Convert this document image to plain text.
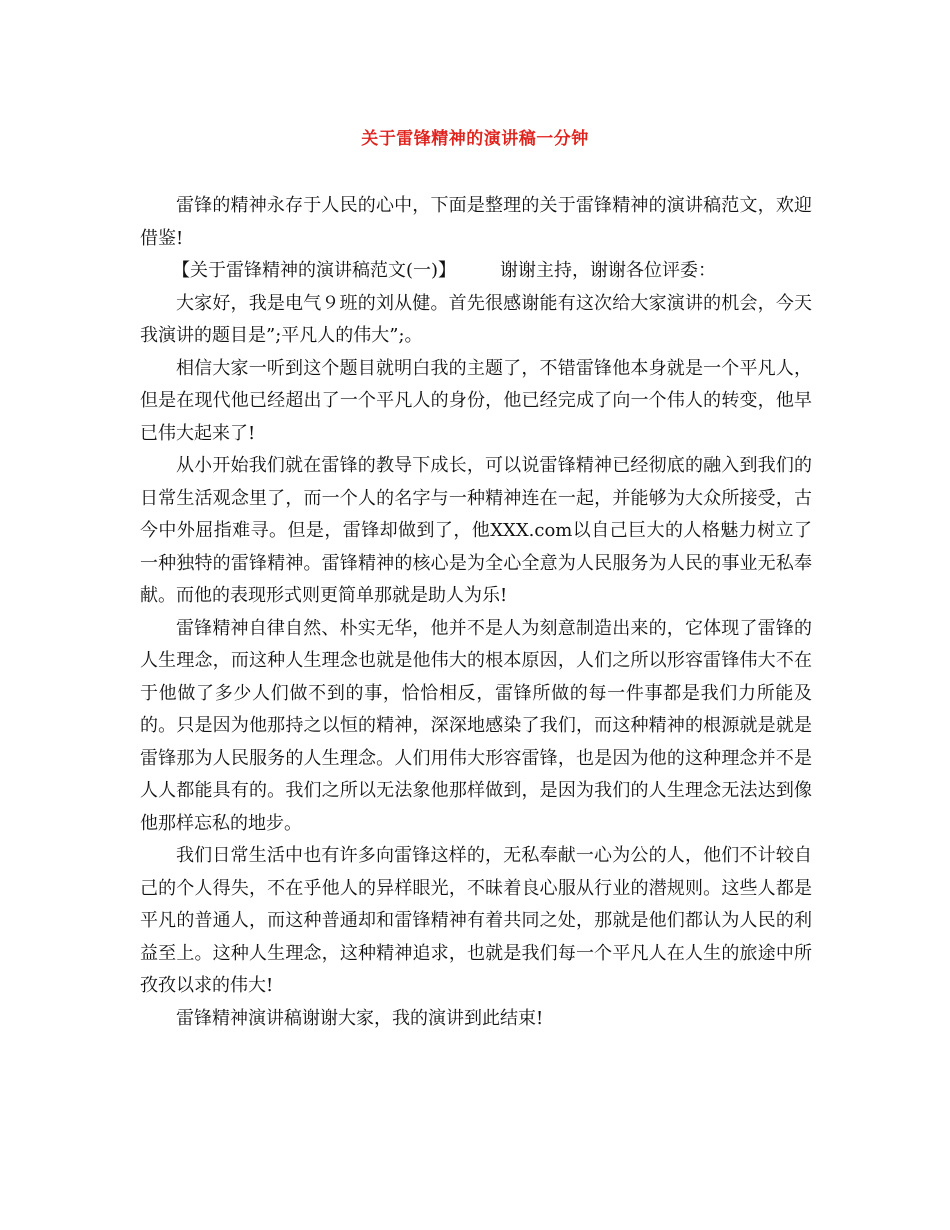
关于雷锋精神的演讲稿一分钟

雷锋的精神永存于人民的心中，下面是整理的关于雷锋精神的演讲稿范文，欢迎借鉴!

【关于雷锋精神的演讲稿范文(一)】 谢谢主持，谢谢各位评委：

大家好，我是电气９班的刘从健。首先很感谢能有这次给大家演讲的机会，今天我演讲的题目是”;平凡人的伟大”;。

相信大家一听到这个题目就明白我的主题了，不错雷锋他本身就是一个平凡人，但是在现代他已经超出了一个平凡人的身份，他已经完成了向一个伟人的转变，他早已伟大起来了!

从小开始我们就在雷锋的教导下成长，可以说雷锋精神已经彻底的融入到我们的日常生活观念里了，而一个人的名字与一种精神连在一起，并能够为大众所接受，古今中外屈指难寻。但是，雷锋却做到了，他XXX.com以自己巨大的人格魅力树立了一种独特的雷锋精神。雷锋精神的核心是为全心全意为人民服务为人民的事业无私奉献。而他的表现形式则更简单那就是助人为乐!

雷锋精神自律自然、朴实无华，他并不是人为刻意制造出来的，它体现了雷锋的人生理念，而这种人生理念也就是他伟大的根本原因，人们之所以形容雷锋伟大不在于他做了多少人们做不到的事，恰恰相反，雷锋所做的每一件事都是我们力所能及的。只是因为他那持之以恒的精神，深深地感染了我们，而这种精神的根源就是就是雷锋那为人民服务的人生理念。人们用伟大形容雷锋，也是因为他的这种理念并不是人人都能具有的。我们之所以无法象他那样做到，是因为我们的人生理念无法达到像他那样忘私的地步。

我们日常生活中也有许多向雷锋这样的，无私奉献一心为公的人，他们不计较自己的个人得失，不在乎他人的异样眼光，不昧着良心服从行业的潜规则。这些人都是平凡的普通人，而这种普通却和雷锋精神有着共同之处，那就是他们都认为人民的利益至上。这种人生理念，这种精神追求，也就是我们每一个平凡人在人生的旅途中所孜孜以求的伟大!

雷锋精神演讲稿谢谢大家，我的演讲到此结束!
